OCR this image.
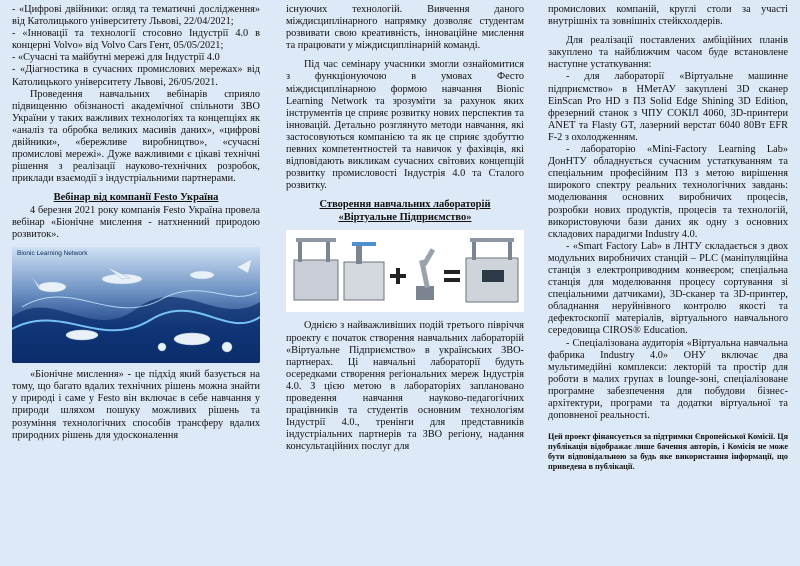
- «Цифрові двійники: огляд та тематичні дослідження» від Католицького університету Львові, 22/04/2021;

- «Інновації та технології стосовно Індустрії 4.0 в концерні Volvo» від Volvo Cars Гент, 05/05/2021;

- «Сучасні та майбутні мережі для Індустрії 4.0

- «Діагностика в сучасних промислових мережах» від Католицького університету Львові, 26/05/2021.

Проведення навчальних вебінарів сприяло підвищенню обізнаності академічної спільноти ЗВО України у таких важливих технологіях та концепціях як «аналіз та обробка великих масивів даних», «цифрові двійники», «бережливе виробництво», «сучасні промислові мережі». Дуже важливими є цікаві технічні рішення з реалізації науково-технічних розробок, приклади взаємодії з індустріальними партнерами.

Вебінар від компанії Festo Україна

4 березня 2021 року компанія Festo Україна провела вебінар «Біонічне мислення - натхненний природою розвиток».

Bionic Learning Network

«Біонічне мислення» - це підхід який базується на тому, що багато вдалих технічних рішень можна знайти у природі і саме у Festo він включає в себе навчання у природи шляхом пошуку можливих рішень та розуміння технологічних способів трансферу вдалих природних рішень для удосконалення

існуючих технологій. Вивчення даного міждисциплінарного напрямку дозволяє студентам розвивати свою креативність, інноваційне мислення та працювати у міждисциплінарній команді.

Під час семінару учасники змогли ознайомитися з функціонуючою в умовах Фесто міждисциплінарною формою навчання Bionic Learning Network та зрозуміти за рахунок яких інструментів це сприяє розвитку нових перспектив та інновацій. Детально розглянуто методи навчання, які застосовуються компанією та як це сприяє здобуттю певних компетентностей та навичок у фахівців, які відповідають викликам сучасних світових концепцій розвитку промисловості Індустрія 4.0 та Сталого розвитку.

Створення навчальних лабораторій
«Віртуальне Підприємство»

Однією з найважливіших подій третього півріччя проекту є початок створення навчальних лабораторій «Віртуальне Підприємство» в українських ЗВО-партнерах. Ці навчальні лабораторії будуть осередками створення регіональних мереж Індустрія 4.0. З цією метою в лабораторіях заплановано проведення навчання науково-педагогічних працівників та студентів основним технологіям Індустрії 4.0., тренінги для представників індустріальних партнерів та ЗВО регіону, надання консультаційних послуг для

промислових компаній, круглі столи за участі внутрішніх та зовнішніх стейкхолдерів.

Для реалізації поставлених амбіційних планів закуплено та найближчим часом буде встановлене наступне устаткування:

- для лабораторії «Віртуальне машинне підприємство» в НМетАУ закуплені 3D сканер EinScan Pro HD з ПЗ Solid Edge Shining 3D Edition, фрезерний станок з ЧПУ СОКІЛ 4060, 3D-принтери ANET та Flasty GT, лазерний верстат 6040 80Вт EFR F-2 з охолодженням.

- лабораторію «Mini-Factory Learning Lab» ДонНТУ обладнується сучасним устаткуванням та спеціальним професійним ПЗ з метою вирішення широкого спектру реальних технологічних завдань: моделювання основних виробничих процесів, розробки нових продуктів, процесів та технологій, використовуючи бази даних як одну з основних складових парадигми Industry 4.0.

- «Smart Factory Lab» в ЛНТУ складається з двох модульних виробничих станцій – PLC (маніпуляційна станція з електроприводним конвеєром; спеціальна станція для моделювання процесу сортування зі спеціальними датчиками), 3D-сканер та 3D-принтер, обладнання неруйнівного контролю якості та дефектоскопії матеріалів, віртуального навчального середовища CIROS® Education.

- Спеціалізована аудиторія «Віртуальна навчальна фабрика Industry 4.0» ОНУ включає два мультимедійні комплекси: лекторій та простір для роботи в малих групах в lounge-зоні, спеціалізоване програмне забезпечення для побудови бізнес-архітектури, програми та додатки віртуальної та доповненої реальності.

Цей проект фінансується за підтримки Європейської Комісії. Ця публікація відображає лише бачення авторів, і Комісія не може бути відповідальною за будь яке використання інформації, що приведена в публікації.
